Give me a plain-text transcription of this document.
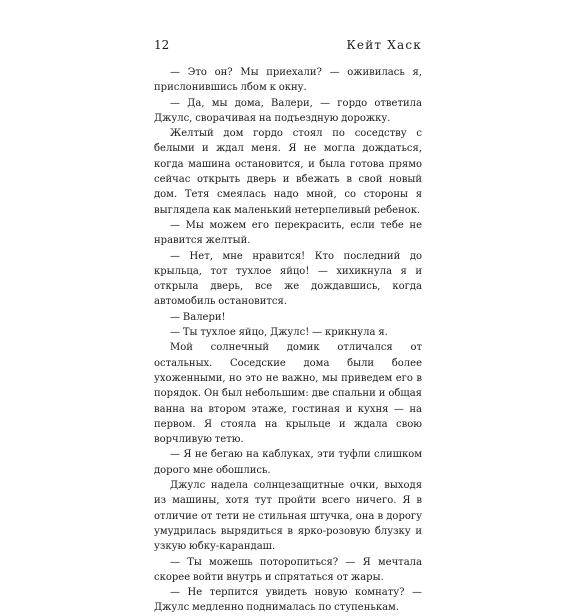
12	Кейт Хаск

— Это он? Мы приехали? — оживилась я, прислонившись лбом к окну.

— Да, мы дома, Валери, — гордо ответила Джулс, сворачивая на подъездную дорожку.

Желтый дом гордо стоял по соседству с белыми и ждал меня. Я не могла дождаться, когда машина остановится, и была готова прямо сейчас открыть дверь и вбежать в свой новый дом. Тетя смеялась надо мной, со стороны я выглядела как маленький нетерпеливый ребенок.

— Мы можем его перекрасить, если тебе не нравится желтый.

— Нет, мне нравится! Кто последний до крыльца, тот тухлое яйцо! — хихикнула я и открыла дверь, все же дождавшись, когда автомобиль остановится.

— Валери!

— Ты тухлое яйцо, Джулс! — крикнула я.

Мой солнечный домик отличался от остальных. Соседские дома были более ухоженными, но это не важно, мы приведем его в порядок. Он был небольшим: две спальни и общая ванна на втором этаже, гостиная и кухня — на первом. Я стояла на крыльце и ждала свою ворчливую тетю.

— Я не бегаю на каблуках, эти туфли слишком дорого мне обошлись.

Джулс надела солнцезащитные очки, выходя из машины, хотя тут пройти всего ничего. Я в отличие от тети не стильная штучка, она в дорогу умудрилась вырядиться в ярко-розовую блузку и узкую юбку-карандаш.

— Ты можешь поторопиться? — Я мечтала скорее войти внутрь и спрятаться от жары.

— Не терпится увидеть новую комнату? — Джулс медленно поднималась по ступенькам.
